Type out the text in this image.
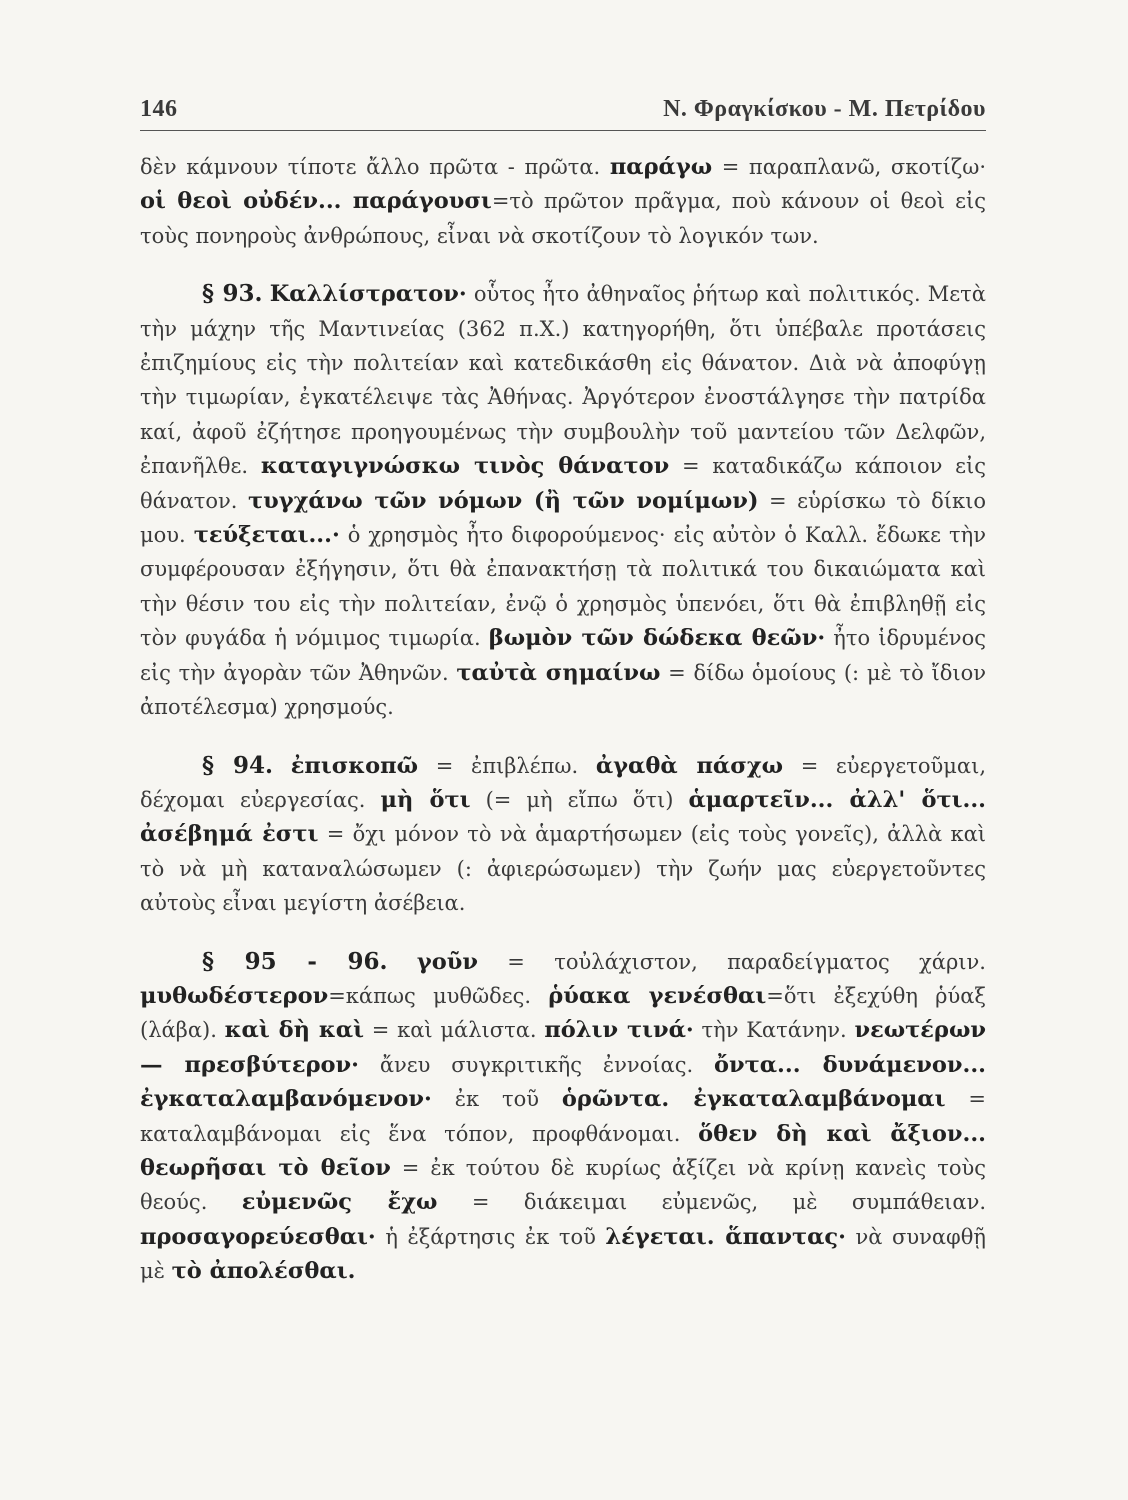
146	Ν. Φραγκίσκου - Μ. Πετρίδου

δὲν κάμνουν τίποτε ἄλλο πρῶτα - πρῶτα. παράγω = παραπλανῶ, σκοτίζω· οἱ θεοὶ οὐδέν... παράγουσι=τὸ πρῶτον πρᾶγμα, ποὺ κάνουν οἱ θεοὶ εἰς τοὺς πονηροὺς ἀνθρώπους, εἶναι νὰ σκοτίζουν τὸ λογικόν των.

§ 93. Καλλίστρατον· οὗτος ἦτο ἀθηναῖος ῥήτωρ καὶ πολιτικός. Μετὰ τὴν μάχην τῆς Μαντινείας (362 π.Χ.) κατηγορήθη, ὅτι ὑπέβαλε προτάσεις ἐπιζημίους εἰς τὴν πολιτείαν καὶ κατεδικάσθη εἰς θάνατον. Διὰ νὰ ἀποφύγῃ τὴν τιμωρίαν, ἐγκατέλειψε τὰς Ἀθήνας. Ἀργότερον ἐνοστάλγησε τὴν πατρίδα καί, ἀφοῦ ἐζήτησε προηγουμένως τὴν συμβουλὴν τοῦ μαντείου τῶν Δελφῶν, ἐπανῆλθε. καταγιγνώσκω τινὸς θάνατον = καταδικάζω κάποιον εἰς θάνατον. τυγχάνω τῶν νόμων (ἢ τῶν νομίμων) = εὑρίσκω τὸ δίκιο μου. τεύξεται...· ὁ χρησμὸς ἦτο διφορούμενος· εἰς αὐτὸν ὁ Καλλ. ἔδωκε τὴν συμφέρουσαν ἐξήγησιν, ὅτι θὰ ἐπανακτήσῃ τὰ πολιτικά του δικαιώματα καὶ τὴν θέσιν του εἰς τὴν πολιτείαν, ἐνῷ ὁ χρησμὸς ὑπενόει, ὅτι θὰ ἐπιβληθῇ εἰς τὸν φυγάδα ἡ νόμιμος τιμωρία. βωμὸν τῶν δώδεκα θεῶν· ἦτο ἱδρυμένος εἰς τὴν ἀγορὰν τῶν Ἀθηνῶν. ταὐτὰ σημαίνω = δίδω ὁμοίους (: μὲ τὸ ἴδιον ἀποτέλεσμα) χρησμούς.

§ 94. ἐπισκοπῶ = ἐπιβλέπω. ἀγαθὰ πάσχω = εὐεργετοῦμαι, δέχομαι εὐεργεσίας. μὴ ὅτι (= μὴ εἴπω ὅτι) ἁμαρτεῖν... ἀλλ' ὅτι... ἀσέβημά ἐστι = ὄχι μόνον τὸ νὰ ἁμαρτήσωμεν (εἰς τοὺς γονεῖς), ἀλλὰ καὶ τὸ νὰ μὴ καταναλώσωμεν (: ἀφιερώσωμεν) τὴν ζωήν μας εὐεργετοῦντες αὐτοὺς εἶναι μεγίστη ἀσέβεια.

§ 95 - 96. γοῦν = τοὐλάχιστον, παραδείγματος χάριν. μυθωδέστερον=κάπως μυθῶδες. ῥύακα γενέσθαι=ὅτι ἐξεχύθη ῥύαξ (λάβα). καὶ δὴ καὶ = καὶ μάλιστα. πόλιν τινά· τὴν Κατάνην. νεωτέρων — πρεσβύτερον· ἄνευ συγκριτικῆς ἐννοίας. ὄντα... δυνάμενον... ἐγκαταλαμβανόμενον· ἐκ τοῦ ὁρῶντα. ἐγκαταλαμβάνομαι = καταλαμβάνομαι εἰς ἕνα τόπον, προφθάνομαι. ὅθεν δὴ καὶ ἄξιον... θεωρῆσαι τὸ θεῖον = ἐκ τούτου δὲ κυρίως ἀξίζει νὰ κρίνῃ κανεὶς τοὺς θεούς. εὐμενῶς ἔχω = διάκειμαι εὐμενῶς, μὲ συμπάθειαν. προσαγορεύεσθαι· ἡ ἐξάρτησις ἐκ τοῦ λέγεται. ἅπαντας· νὰ συναφθῇ μὲ τὸ ἀπολέσθαι.
